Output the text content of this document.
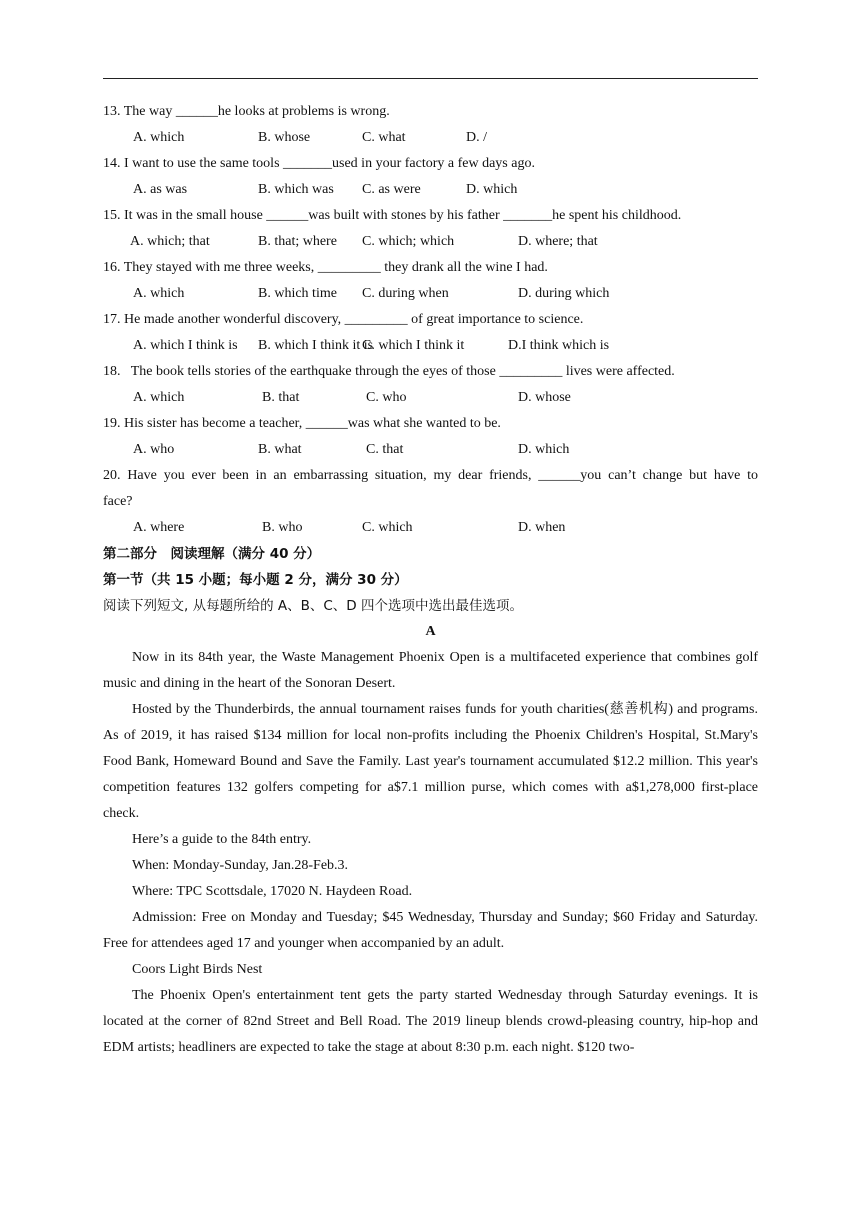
13. The way ______he looks at problems is wrong.
A. which	B. whose	C. what	D. /
14. I want to use the same tools _______used in your factory a few days ago.
A. as was	B. which was C. as were	D. which
15. It was in the small house ______was built with stones by his father _______he spent his childhood.
A. which; that	B. that; where C. which; which	D. where; that
16. They stayed with me three weeks, _________ they drank all the wine I had.
A. which	B. which time C. during when	D. during which
17. He made another wonderful discovery, _________ of great importance to science.
A. which I think is B. which I think it is
C. which I think it	D.I think which is
18.   The book tells stories of the earthquake through the eyes of those _________ lives were affected.
A. which	B. that	C. who	D. whose
19. His sister has become a teacher, ______was what she wanted to be.
A. who	B. what	C. that	D. which
20. Have you ever been in an embarrassing situation, my dear friends, ______you can’t change but have to
face?
A. where	B. who	C. which	D. when
第二部分　阅读理解（满分 40 分）
第一节（共 15 小题；每小题 2 分，满分 30 分）
阅读下列短文, 从每题所给的 A、B、C、D 四个选项中选出最佳选项。
A
Now in its 84th year, the Waste Management Phoenix Open is a multifaceted experience that combines golf music and dining in the heart of the Sonoran Desert.
Hosted by the Thunderbirds, the annual tournament raises funds for youth charities(慈善机构) and programs. As of 2019, it has raised $134 million for local non-profits including the Phoenix Children's Hospital, St.Mary's Food Bank, Homeward Bound and Save the Family. Last year's tournament accumulated $12.2 million. This year's competition features 132 golfers competing for a$7.1 million purse, which comes with a$1,278,000 first-place check.
Here’s a guide to the 84th entry.
When: Monday-Sunday, Jan.28-Feb.3.
Where: TPC Scottsdale, 17020 N. Haydeen Road.
Admission: Free on Monday and Tuesday; $45 Wednesday, Thursday and Sunday; $60 Friday and Saturday. Free for attendees aged 17 and younger when accompanied by an adult.
Coors Light Birds Nest
The Phoenix Open's entertainment tent gets the party started Wednesday through Saturday evenings. It is located at the corner of 82nd Street and Bell Road. The 2019 lineup blends crowd-pleasing country, hip-hop and EDM artists; headliners are expected to take the stage at about 8:30 p.m. each night. $120 two-
